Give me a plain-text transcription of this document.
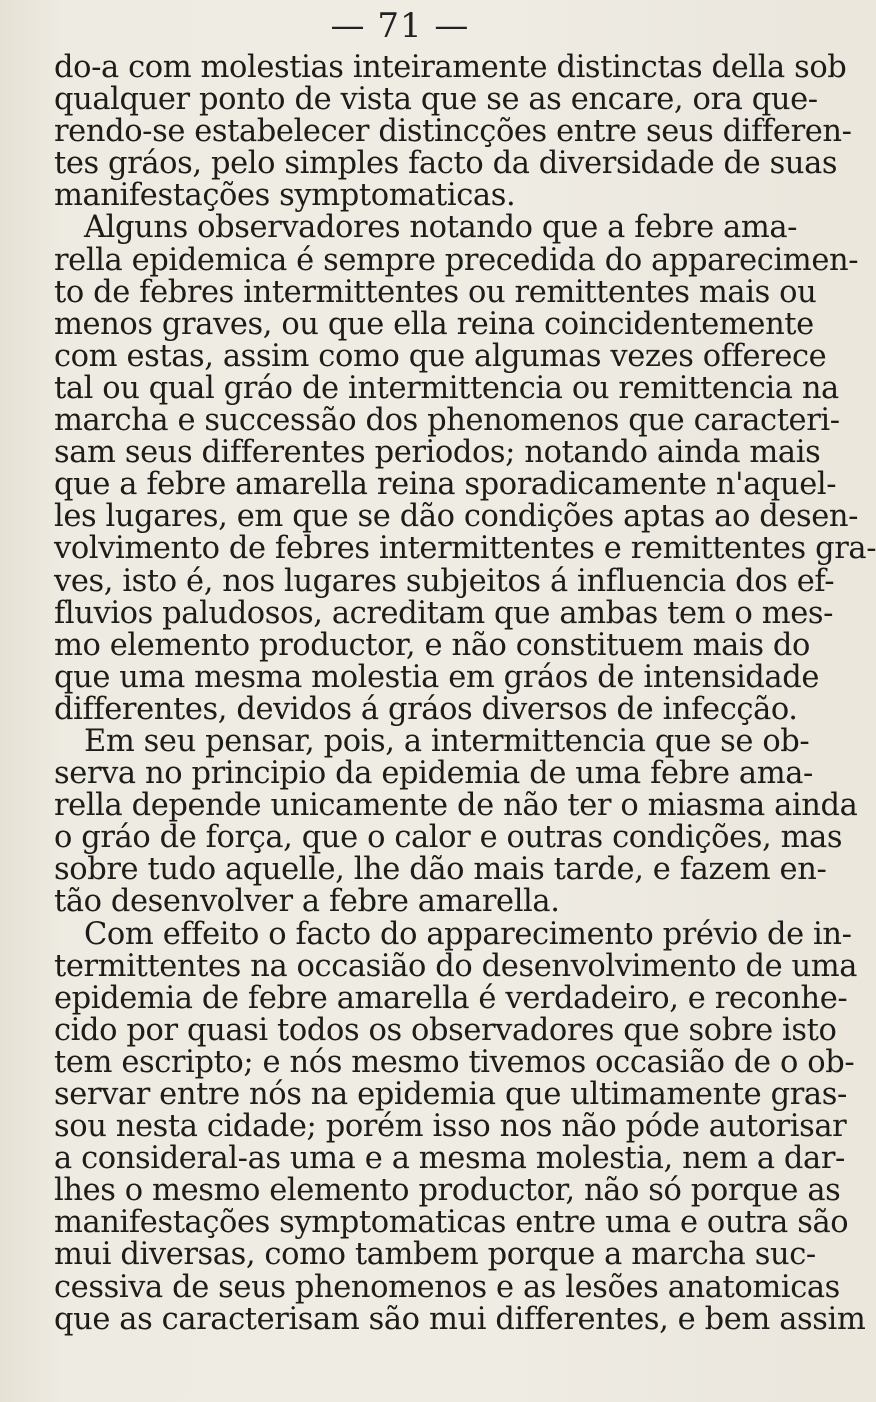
— 71 —
do-a com molestias inteiramente distinctas della sob
qualquer ponto de vista que se as encare, ora que-
rendo-se estabelecer distincções entre seus differen-
tes gráos, pelo simples facto da diversidade de suas
manifestações symptomaticas.
Alguns observadores notando que a febre ama-
rella epidemica é sempre precedida do apparecimen-
to de febres intermittentes ou remittentes mais ou
menos graves, ou que ella reina coincidentemente
com estas, assim como que algumas vezes offerece
tal ou qual gráo de intermittencia ou remittencia na
marcha e successão dos phenomenos que caracteri-
sam seus differentes periodos; notando ainda mais
que a febre amarella reina sporadicamente n'aquel-
les lugares, em que se dão condições aptas ao desen-
volvimento de febres intermittentes e remittentes gra-
ves, isto é, nos lugares subjeitos á influencia dos ef-
fluvios paludosos, acreditam que ambas tem o mes-
mo elemento productor, e não constituem mais do
que uma mesma molestia em gráos de intensidade
differentes, devidos á gráos diversos de infecção.
Em seu pensar, pois, a intermittencia que se ob-
serva no principio da epidemia de uma febre ama-
rella depende unicamente de não ter o miasma ainda
o gráo de força, que o calor e outras condições, mas
sobre tudo aquelle, lhe dão mais tarde, e fazem en-
tão desenvolver a febre amarella.
Com effeito o facto do apparecimento prévio de in-
termittentes na occasião do desenvolvimento de uma
epidemia de febre amarella é verdadeiro, e reconhe-
cido por quasi todos os observadores que sobre isto
tem escripto; e nós mesmo tivemos occasião de o ob-
servar entre nós na epidemia que ultimamente gras-
sou nesta cidade; porém isso nos não póde autorisar
a consideral-as uma e a mesma molestia, nem a dar-
lhes o mesmo elemento productor, não só porque as
manifestações symptomaticas entre uma e outra são
mui diversas, como tambem porque a marcha suc-
cessiva de seus phenomenos e as lesões anatomicas
que as caracterisam são mui differentes, e bem assim
